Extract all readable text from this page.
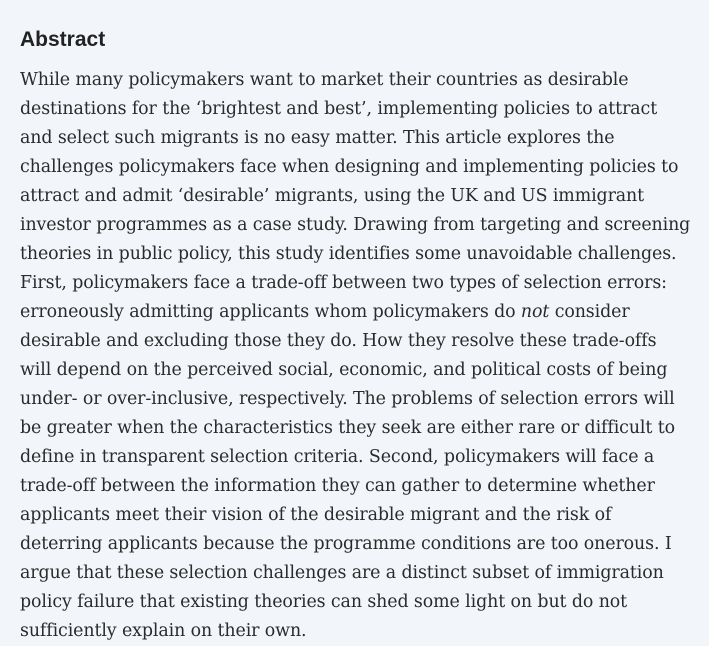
Abstract

While many policymakers want to market their countries as desirable destinations for the ‘brightest and best’, implementing policies to attract and select such migrants is no easy matter. This article explores the challenges policymakers face when designing and implementing policies to attract and admit ‘desirable’ migrants, using the UK and US immigrant investor programmes as a case study. Drawing from targeting and screening theories in public policy, this study identifies some unavoidable challenges. First, policymakers face a trade-off between two types of selection errors: erroneously admitting applicants whom policymakers do not consider desirable and excluding those they do. How they resolve these trade-offs will depend on the perceived social, economic, and political costs of being under- or over-inclusive, respectively. The problems of selection errors will be greater when the characteristics they seek are either rare or difficult to define in transparent selection criteria. Second, policymakers will face a trade-off between the information they can gather to determine whether applicants meet their vision of the desirable migrant and the risk of deterring applicants because the programme conditions are too onerous. I argue that these selection challenges are a distinct subset of immigration policy failure that existing theories can shed some light on but do not sufficiently explain on their own.
